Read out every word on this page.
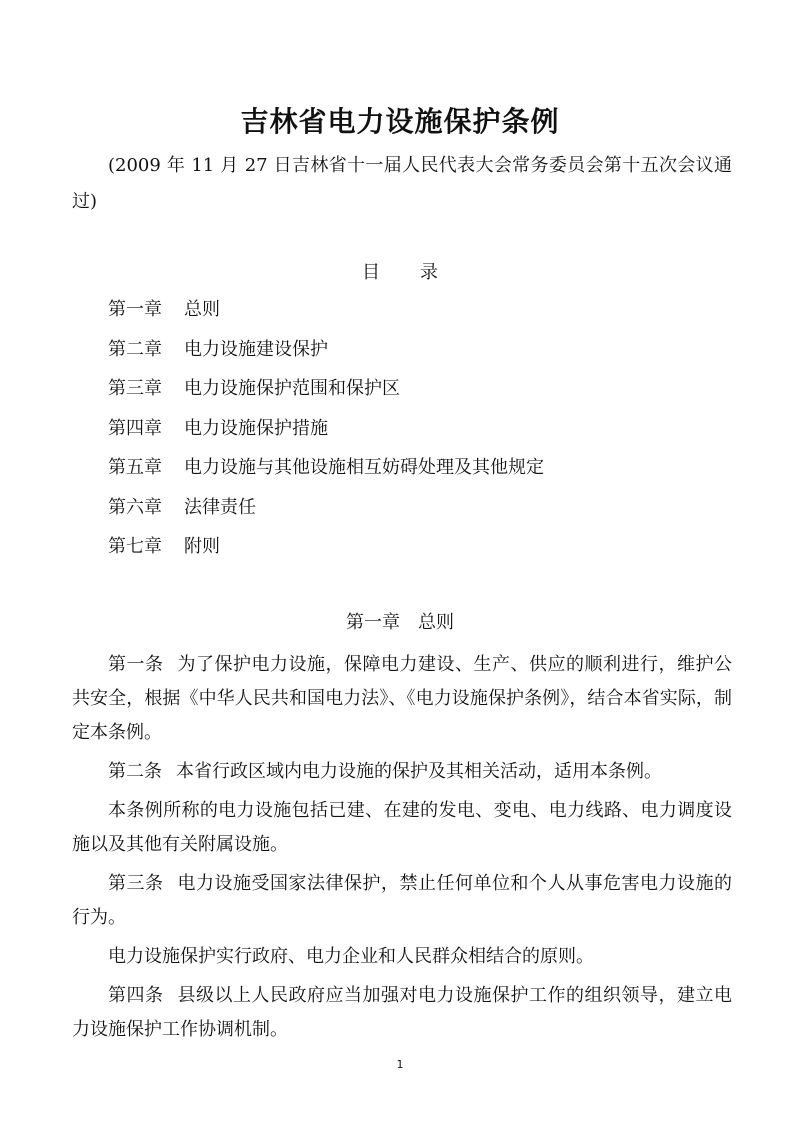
吉林省电力设施保护条例
(2009 年 11 月 27 日吉林省十一届人民代表大会常务委员会第十五次会议通过)
目 录
第一章 总则
第二章 电力设施建设保护
第三章 电力设施保护范围和保护区
第四章 电力设施保护措施
第五章 电力设施与其他设施相互妨碍处理及其他规定
第六章 法律责任
第七章 附则
第一章 总则

第一条 为了保护电力设施，保障电力建设、生产、供应的顺利进行，维护公共安全，根据《中华人民共和国电力法》、《电力设施保护条例》，结合本省实际，制定本条例。

第二条 本省行政区域内电力设施的保护及其相关活动，适用本条例。

本条例所称的电力设施包括已建、在建的发电、变电、电力线路、电力调度设施以及其他有关附属设施。

第三条 电力设施受国家法律保护，禁止任何单位和个人从事危害电力设施的行为。

电力设施保护实行政府、电力企业和人民群众相结合的原则。

第四条 县级以上人民政府应当加强对电力设施保护工作的组织领导，建立电力设施保护工作协调机制。

1
